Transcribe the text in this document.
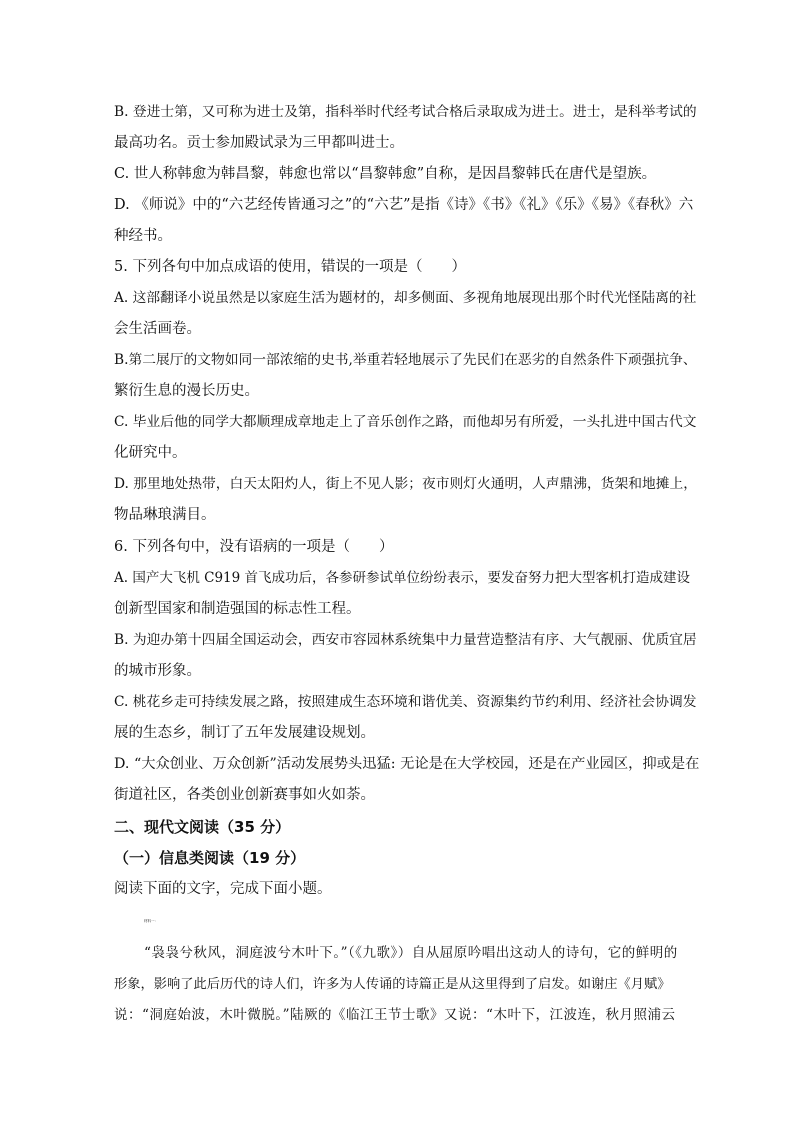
B. 登进士第，又可称为进士及第，指科举时代经考试合格后录取成为进士。进士，是科举考试的

最高功名。贡士参加殿试录为三甲都叫进士。

C. 世人称韩愈为韩昌黎，韩愈也常以“昌黎韩愈”自称，是因昌黎韩氏在唐代是望族。

D. 《师说》中的“六艺经传皆通习之”的“六艺”是指《诗》《书》《礼》《乐》《易》《春秋》六

种经书。

5. 下列各句中加点成语的使用，错误的一项是（　　）

A. 这部翻译小说虽然是以家庭生活为题材的，却多侧面、多视角地展现出那个时代光怪陆离的社

会生活画卷。

B.第二展厅的文物如同一部浓缩的史书,举重若轻地展示了先民们在恶劣的自然条件下顽强抗争、

繁衍生息的漫长历史。

C. 毕业后他的同学大都顺理成章地走上了音乐创作之路，而他却另有所爱，一头扎进中国古代文

化研究中。

D. 那里地处热带，白天太阳灼人，街上不见人影；夜市则灯火通明，人声鼎沸，货架和地摊上，

物品琳琅满目。

6. 下列各句中，没有语病的一项是（　　）

A. 国产大飞机 C919 首飞成功后，各参研参试单位纷纷表示，要发奋努力把大型客机打造成建设

创新型国家和制造强国的标志性工程。

B. 为迎办第十四届全国运动会，西安市容园林系统集中力量营造整洁有序、大气靓丽、优质宜居

的城市形象。

C. 桃花乡走可持续发展之路，按照建成生态环境和谐优美、资源集约节约利用、经济社会协调发

展的生态乡，制订了五年发展建设规划。

D. “大众创业、万众创新”活动发展势头迅猛: 无论是在大学校园，还是在产业园区，抑或是在

街道社区，各类创业创新赛事如火如荼。

二、现代文阅读（35 分）

（一）信息类阅读（19 分）

阅读下面的文字，完成下面小题。

材料一：

“袅袅兮秋风，洞庭波兮木叶下。”（《九歌》）自从屈原吟唱出这动人的诗句，它的鲜明的

形象，影响了此后历代的诗人们，许多为人传诵的诗篇正是从这里得到了启发。如谢庄《月赋》

说：“洞庭始波，木叶微脱。”陆厥的《临江王节士歌》又说：“木叶下，江波连，秋月照浦云
